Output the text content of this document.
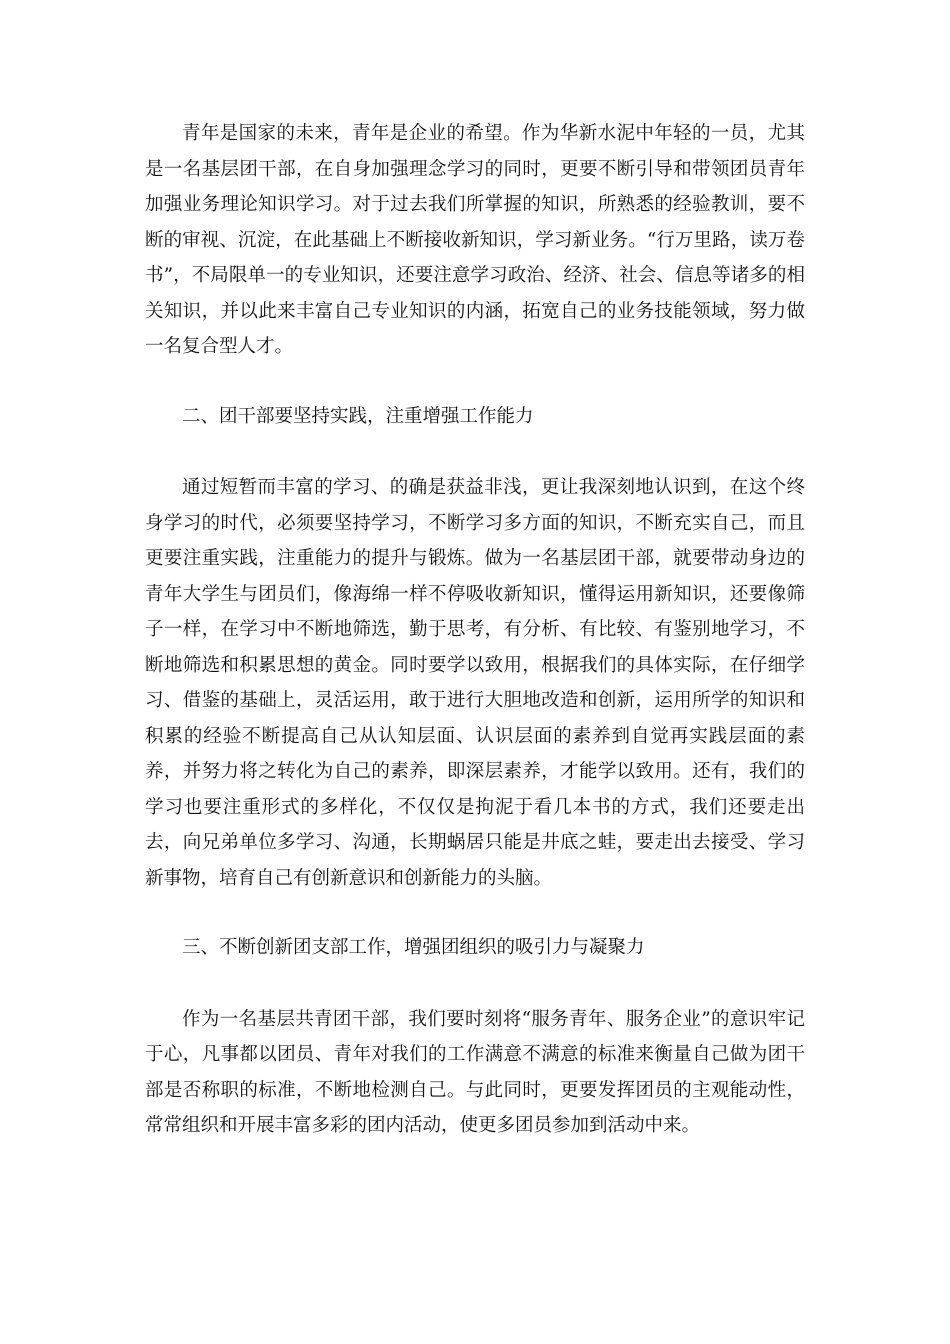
青年是国家的未来，青年是企业的希望。作为华新水泥中年轻的一员，尤其是一名基层团干部，在自身加强理念学习的同时，更要不断引导和带领团员青年加强业务理论知识学习。对于过去我们所掌握的知识，所熟悉的经验教训，要不断的审视、沉淀，在此基础上不断接收新知识，学习新业务。“行万里路，读万卷书”，不局限单一的专业知识，还要注意学习政治、经济、社会、信息等诸多的相关知识，并以此来丰富自己专业知识的内涵，拓宽自己的业务技能领域，努力做一名复合型人才。

二、团干部要坚持实践，注重增强工作能力

通过短暂而丰富的学习、的确是获益非浅，更让我深刻地认识到，在这个终身学习的时代，必须要坚持学习，不断学习多方面的知识，不断充实自己，而且更要注重实践，注重能力的提升与锻炼。做为一名基层团干部，就要带动身边的青年大学生与团员们，像海绵一样不停吸收新知识，懂得运用新知识，还要像筛子一样，在学习中不断地筛选，勤于思考，有分析、有比较、有鉴别地学习，不断地筛选和积累思想的黄金。同时要学以致用，根据我们的具体实际，在仔细学习、借鉴的基础上，灵活运用，敢于进行大胆地改造和创新，运用所学的知识和积累的经验不断提高自己从认知层面、认识层面的素养到自觉再实践层面的素养，并努力将之转化为自己的素养，即深层素养，才能学以致用。还有，我们的学习也要注重形式的多样化，不仅仅是拘泥于看几本书的方式，我们还要走出去，向兄弟单位多学习、沟通，长期蜗居只能是井底之蛙，要走出去接受、学习新事物，培育自己有创新意识和创新能力的头脑。

三、不断创新团支部工作，增强团组织的吸引力与凝聚力

作为一名基层共青团干部，我们要时刻将“服务青年、服务企业”的意识牢记于心，凡事都以团员、青年对我们的工作满意不满意的标准来衡量自己做为团干部是否称职的标准，不断地检测自己。与此同时，更要发挥团员的主观能动性，常常组织和开展丰富多彩的团内活动，使更多团员参加到活动中来。
